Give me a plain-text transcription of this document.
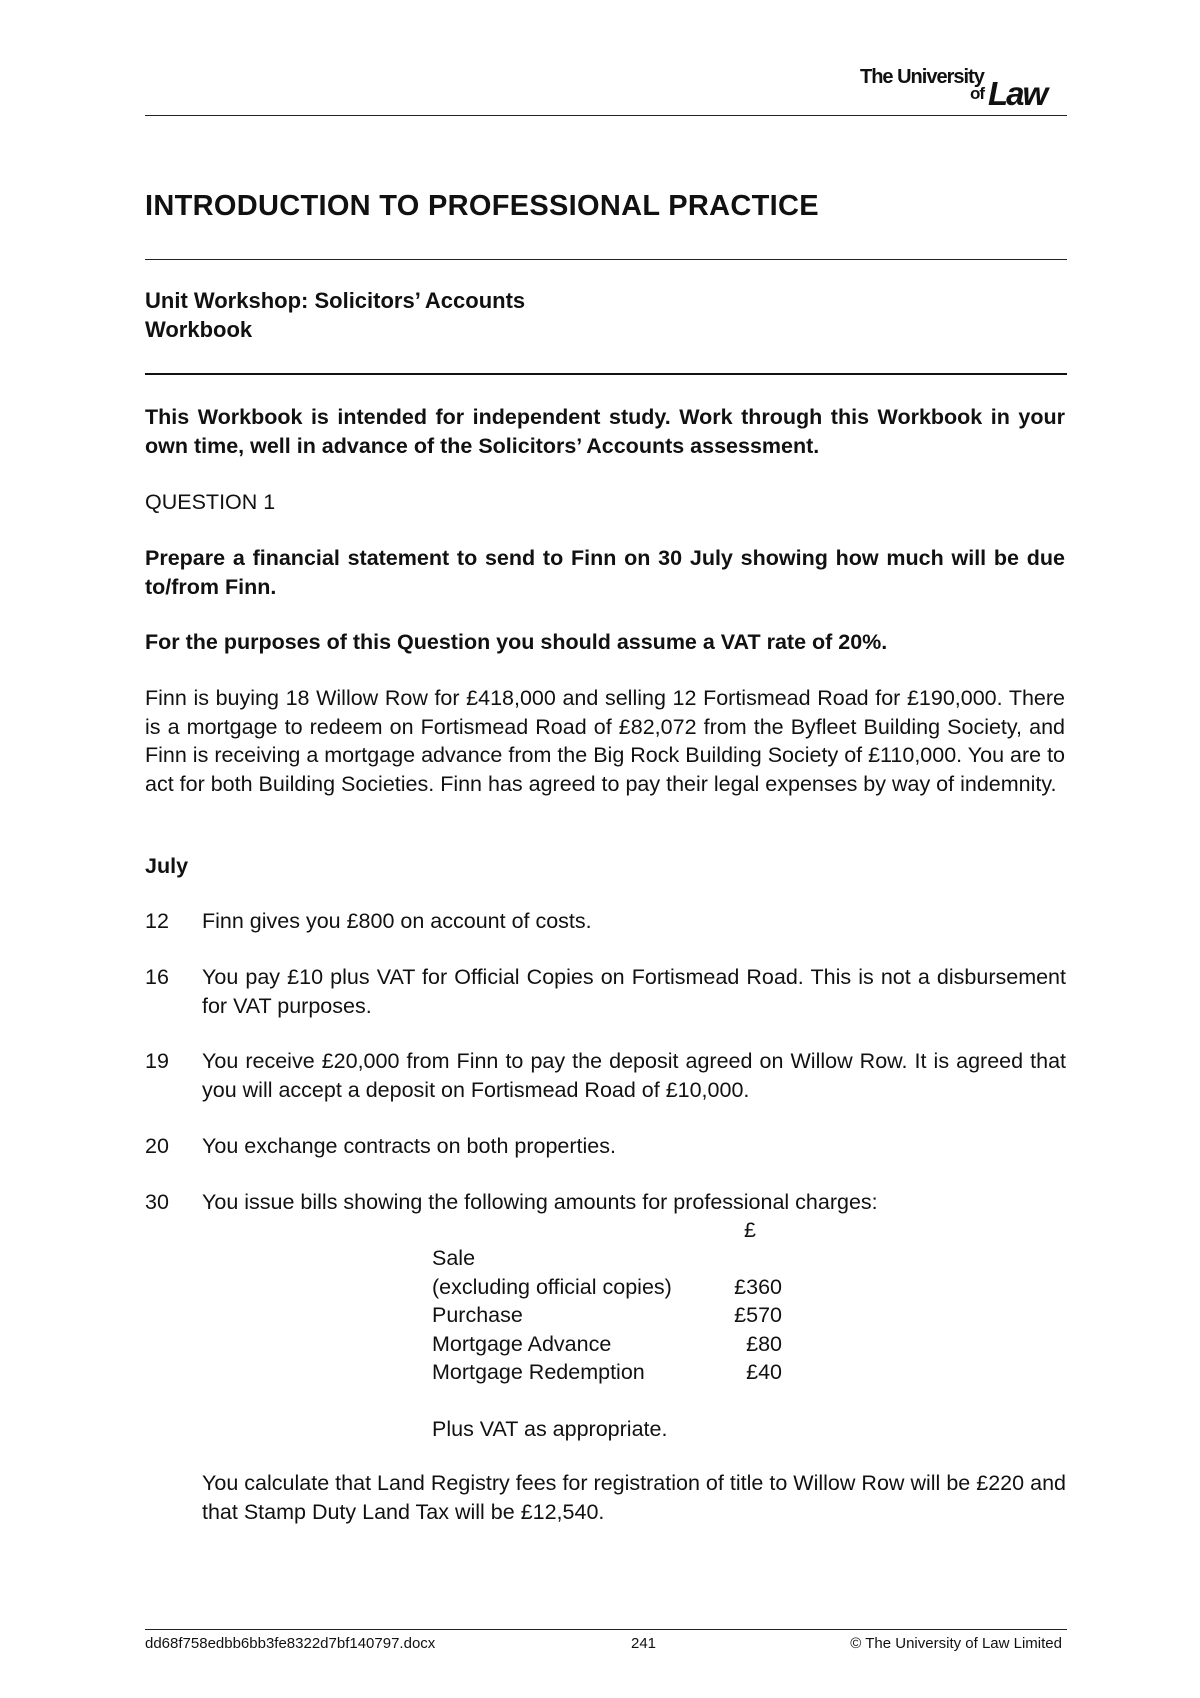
The University
of Law
INTRODUCTION TO PROFESSIONAL PRACTICE
Unit Workshop: Solicitors’ Accounts
Workbook
This Workbook is intended for independent study. Work through this Workbook in your own time, well in advance of the Solicitors’ Accounts assessment.
QUESTION 1
Prepare a financial statement to send to Finn on 30 July showing how much will be due to/from Finn.
For the purposes of this Question you should assume a VAT rate of 20%.
Finn is buying 18 Willow Row for £418,000 and selling 12 Fortismead Road for £190,000. There is a mortgage to redeem on Fortismead Road of £82,072 from the Byfleet Building Society, and Finn is receiving a mortgage advance from the Big Rock Building Society of £110,000. You are to act for both Building Societies. Finn has agreed to pay their legal expenses by way of indemnity.
July
12 Finn gives you £800 on account of costs.
16 You pay £10 plus VAT for Official Copies on Fortismead Road. This is not a disbursement for VAT purposes.
19 You receive £20,000 from Finn to pay the deposit agreed on Willow Row. It is agreed that you will accept a deposit on Fortismead Road of £10,000.
20 You exchange contracts on both properties.
30 You issue bills showing the following amounts for professional charges:
£
Sale
(excluding official copies)	£360
Purchase	£570
Mortgage Advance	£80
Mortgage Redemption	£40
Plus VAT as appropriate.
You calculate that Land Registry fees for registration of title to Willow Row will be £220 and that Stamp Duty Land Tax will be £12,540.
dd68f758edbb6bb3fe8322d7bf140797.docx	241	© The University of Law Limited
